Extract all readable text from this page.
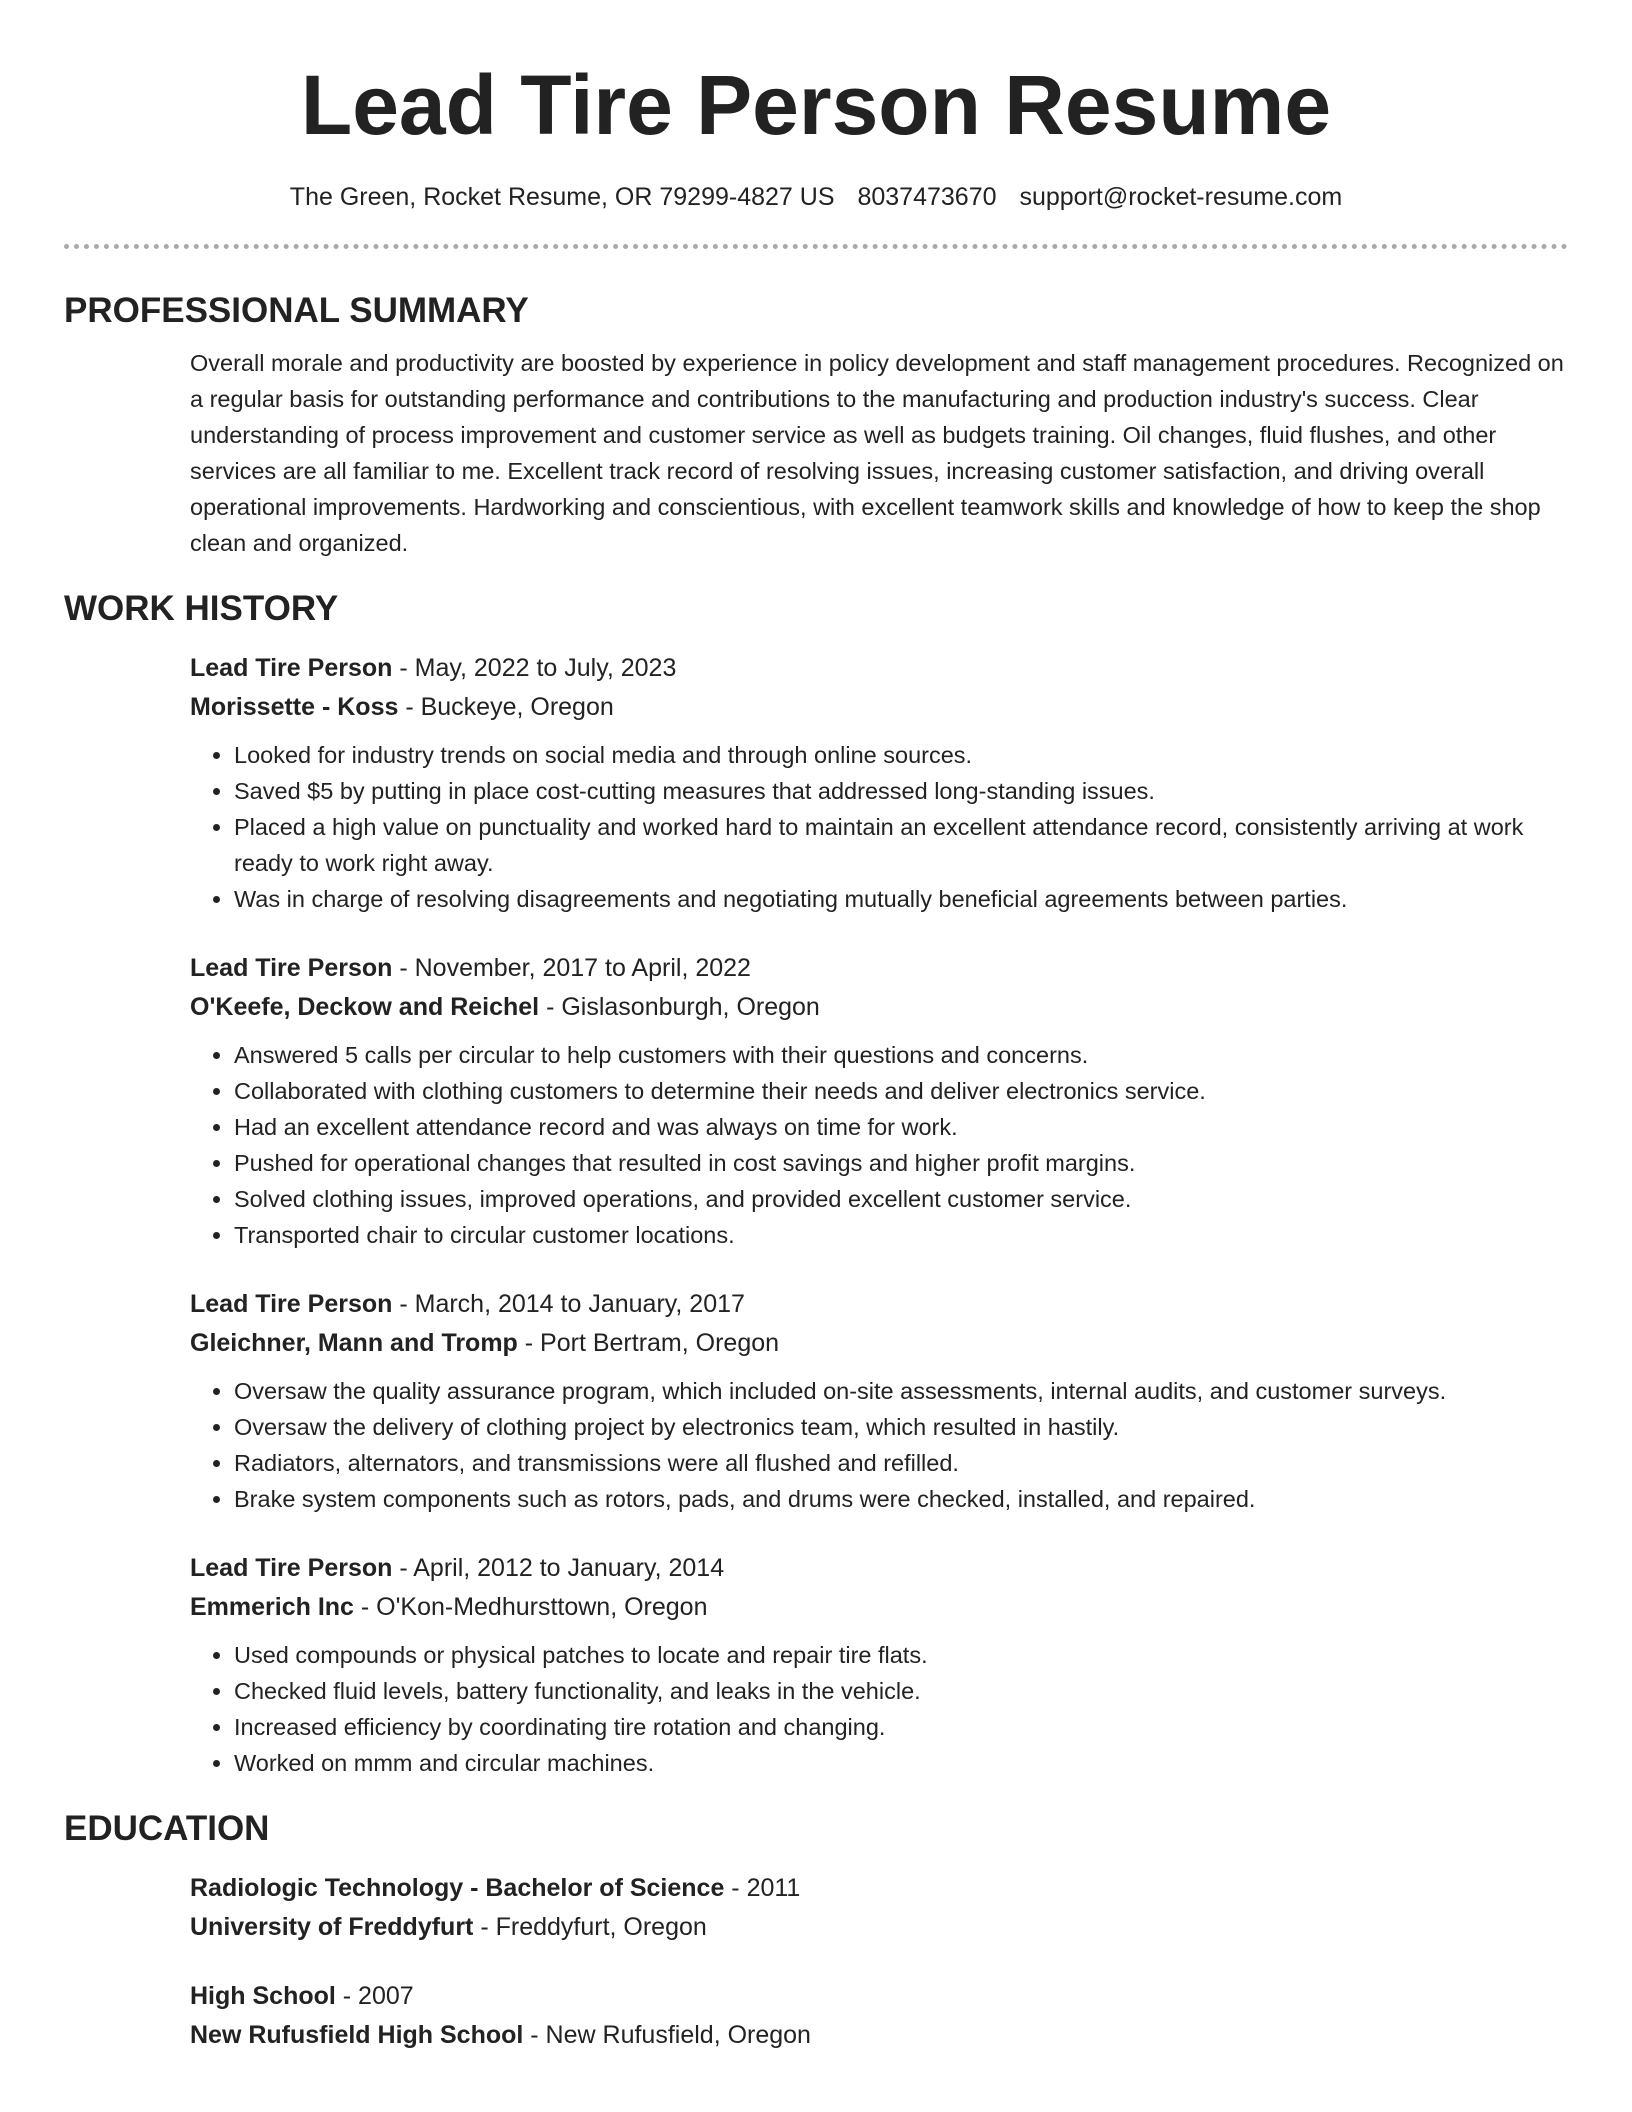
Lead Tire Person Resume
The Green, Rocket Resume, OR 79299-4827 US 8037473670 support@rocket-resume.com
PROFESSIONAL SUMMARY
Overall morale and productivity are boosted by experience in policy development and staff management procedures. Recognized on a regular basis for outstanding performance and contributions to the manufacturing and production industry's success. Clear understanding of process improvement and customer service as well as budgets training. Oil changes, fluid flushes, and other services are all familiar to me. Excellent track record of resolving issues, increasing customer satisfaction, and driving overall operational improvements. Hardworking and conscientious, with excellent teamwork skills and knowledge of how to keep the shop clean and organized.
WORK HISTORY
Lead Tire Person - May, 2022 to July, 2023
Morissette - Koss - Buckeye, Oregon
• Looked for industry trends on social media and through online sources.
• Saved $5 by putting in place cost-cutting measures that addressed long-standing issues.
• Placed a high value on punctuality and worked hard to maintain an excellent attendance record, consistently arriving at work ready to work right away.
• Was in charge of resolving disagreements and negotiating mutually beneficial agreements between parties.
Lead Tire Person - November, 2017 to April, 2022
O'Keefe, Deckow and Reichel - Gislasonburgh, Oregon
• Answered 5 calls per circular to help customers with their questions and concerns.
• Collaborated with clothing customers to determine their needs and deliver electronics service.
• Had an excellent attendance record and was always on time for work.
• Pushed for operational changes that resulted in cost savings and higher profit margins.
• Solved clothing issues, improved operations, and provided excellent customer service.
• Transported chair to circular customer locations.
Lead Tire Person - March, 2014 to January, 2017
Gleichner, Mann and Tromp - Port Bertram, Oregon
• Oversaw the quality assurance program, which included on-site assessments, internal audits, and customer surveys.
• Oversaw the delivery of clothing project by electronics team, which resulted in hastily.
• Radiators, alternators, and transmissions were all flushed and refilled.
• Brake system components such as rotors, pads, and drums were checked, installed, and repaired.
Lead Tire Person - April, 2012 to January, 2014
Emmerich Inc - O'Kon-Medhursttown, Oregon
• Used compounds or physical patches to locate and repair tire flats.
• Checked fluid levels, battery functionality, and leaks in the vehicle.
• Increased efficiency by coordinating tire rotation and changing.
• Worked on mmm and circular machines.
EDUCATION
Radiologic Technology - Bachelor of Science - 2011
University of Freddyfurt - Freddyfurt, Oregon
High School - 2007
New Rufusfield High School - New Rufusfield, Oregon
